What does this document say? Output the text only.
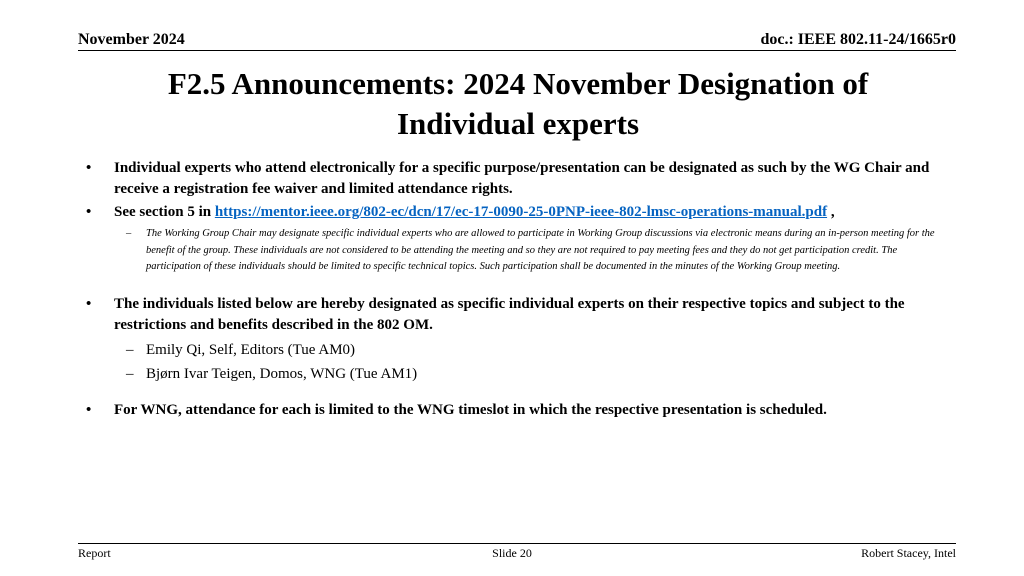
November 2024	doc.: IEEE 802.11-24/1665r0
F2.5 Announcements: 2024 November Designation of
Individual experts
• Individual experts who attend electronically for a specific purpose/presentation can be designated as such by the WG Chair and receive a registration fee waiver and limited attendance rights.
• See section 5 in https://mentor.ieee.org/802-ec/dcn/17/ec-17-0090-25-0PNP-ieee-802-lmsc-operations-manual.pdf ,
– The Working Group Chair may designate specific individual experts who are allowed to participate in Working Group discussions via electronic means during an in-person meeting for the benefit of the group. These individuals are not considered to be attending the meeting and so they are not required to pay meeting fees and they do not get participation credit. The participation of these individuals should be limited to specific technical topics. Such participation shall be documented in the minutes of the Working Group meeting.
• The individuals listed below are hereby designated as specific individual experts on their respective topics and subject to the restrictions and benefits described in the 802 OM.
– Emily Qi, Self, Editors (Tue AM0)
– Bjørn Ivar Teigen, Domos, WNG (Tue AM1)
• For WNG, attendance for each is limited to the WNG timeslot in which the respective presentation is scheduled.
Report	Slide 20	Robert Stacey, Intel
